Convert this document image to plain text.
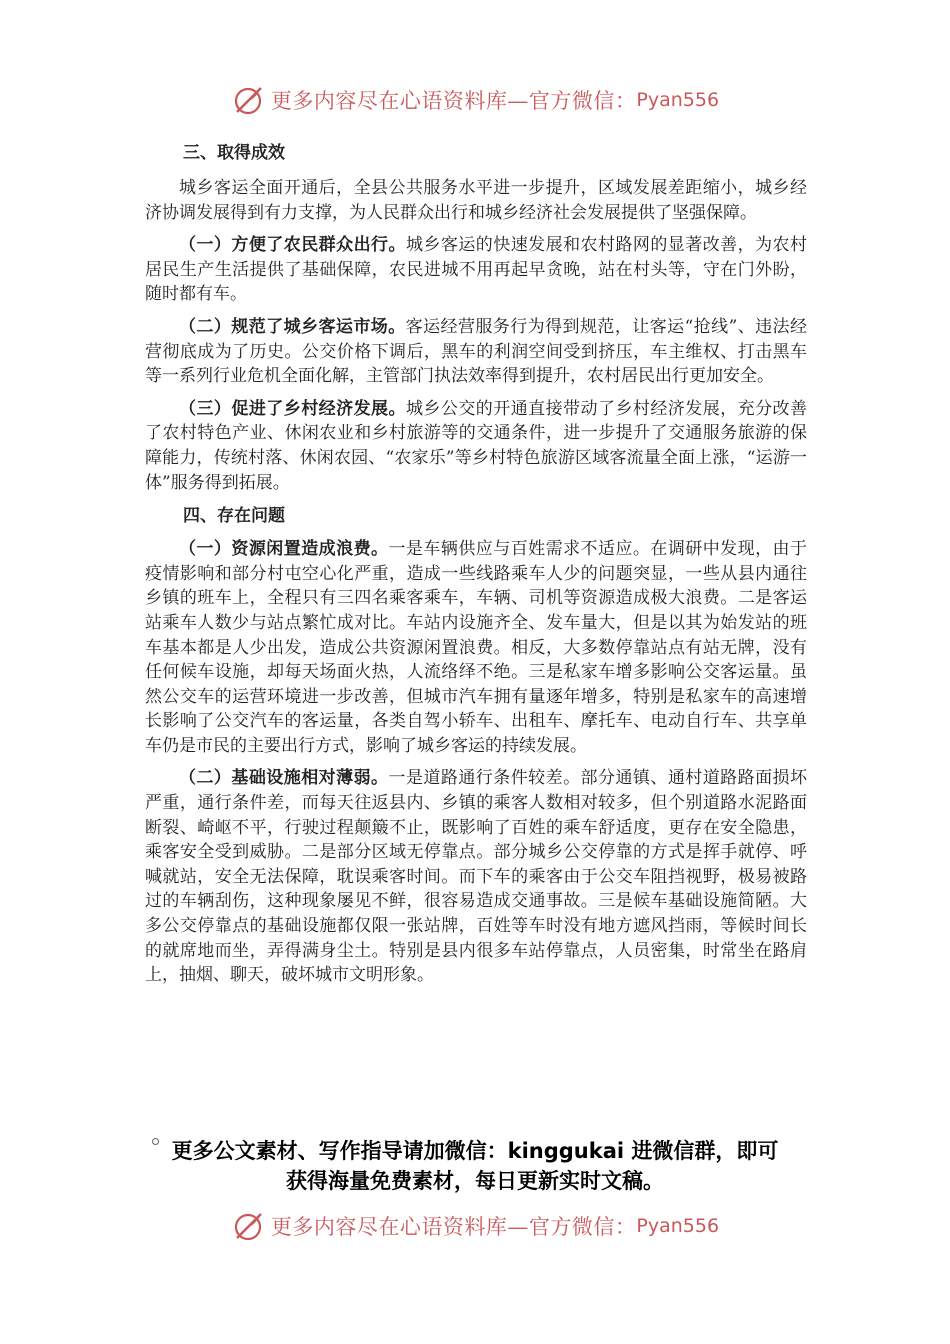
更多内容尽在心语资料库—官方微信： Pyan556
三、取得成效

城乡客运全面开通后，全县公共服务水平进一步提升，区域发展差距缩小，城乡经济协调发展得到有力支撑，为人民群众出行和城乡经济社会发展提供了坚强保障。

（一）方便了农民群众出行。城乡客运的快速发展和农村路网的显著改善，为农村居民生产生活提供了基础保障，农民进城不用再起早贪晚，站在村头等，守在门外盼，随时都有车。

（二）规范了城乡客运市场。客运经营服务行为得到规范，让客运“抢线”、违法经营彻底成为了历史。公交价格下调后，黑车的利润空间受到挤压，车主维权、打击黑车等一系列行业危机全面化解，主管部门执法效率得到提升，农村居民出行更加安全。

（三）促进了乡村经济发展。城乡公交的开通直接带动了乡村经济发展，充分改善了农村特色产业、休闲农业和乡村旅游等的交通条件，进一步提升了交通服务旅游的保障能力，传统村落、休闲农园、“农家乐”等乡村特色旅游区域客流量全面上涨，“运游一体”服务得到拓展。

四、存在问题

（一）资源闲置造成浪费。一是车辆供应与百姓需求不适应。在调研中发现，由于疫情影响和部分村屯空心化严重，造成一些线路乘车人少的问题突显，一些从县内通往乡镇的班车上，全程只有三四名乘客乘车，车辆、司机等资源造成极大浪费。二是客运站乘车人数少与站点繁忙成对比。车站内设施齐全、发车量大，但是以其为始发站的班车基本都是人少出发，造成公共资源闲置浪费。相反，大多数停靠站点有站无牌，没有任何候车设施，却每天场面火热，人流络绎不绝。三是私家车增多影响公交客运量。虽然公交车的运营环境进一步改善，但城市汽车拥有量逐年增多，特别是私家车的高速增长影响了公交汽车的客运量，各类自驾小轿车、出租车、摩托车、电动自行车、共享单车仍是市民的主要出行方式，影响了城乡客运的持续发展。

（二）基础设施相对薄弱。一是道路通行条件较差。部分通镇、通村道路路面损坏严重，通行条件差，而每天往返县内、乡镇的乘客人数相对较多，但个别道路水泥路面断裂、崎岖不平，行驶过程颠簸不止，既影响了百姓的乘车舒适度，更存在安全隐患，乘客安全受到威胁。二是部分区域无停靠点。部分城乡公交停靠的方式是挥手就停、呼喊就站，安全无法保障，耽误乘客时间。而下车的乘客由于公交车阻挡视野，极易被路过的车辆刮伤，这种现象屡见不鲜，很容易造成交通事故。三是候车基础设施简陋。大多公交停靠点的基础设施都仅限一张站牌，百姓等车时没有地方遮风挡雨，等候时间长的就席地而坐，弄得满身尘土。特别是县内很多车站停靠点，人员密集，时常坐在路肩上，抽烟、聊天，破坏城市文明形象。

更多公文素材、写作指导请加微信：kinggukai 进微信群，即可
获得海量免费素材，每日更新实时文稿。
更多内容尽在心语资料库—官方微信： Pyan556
